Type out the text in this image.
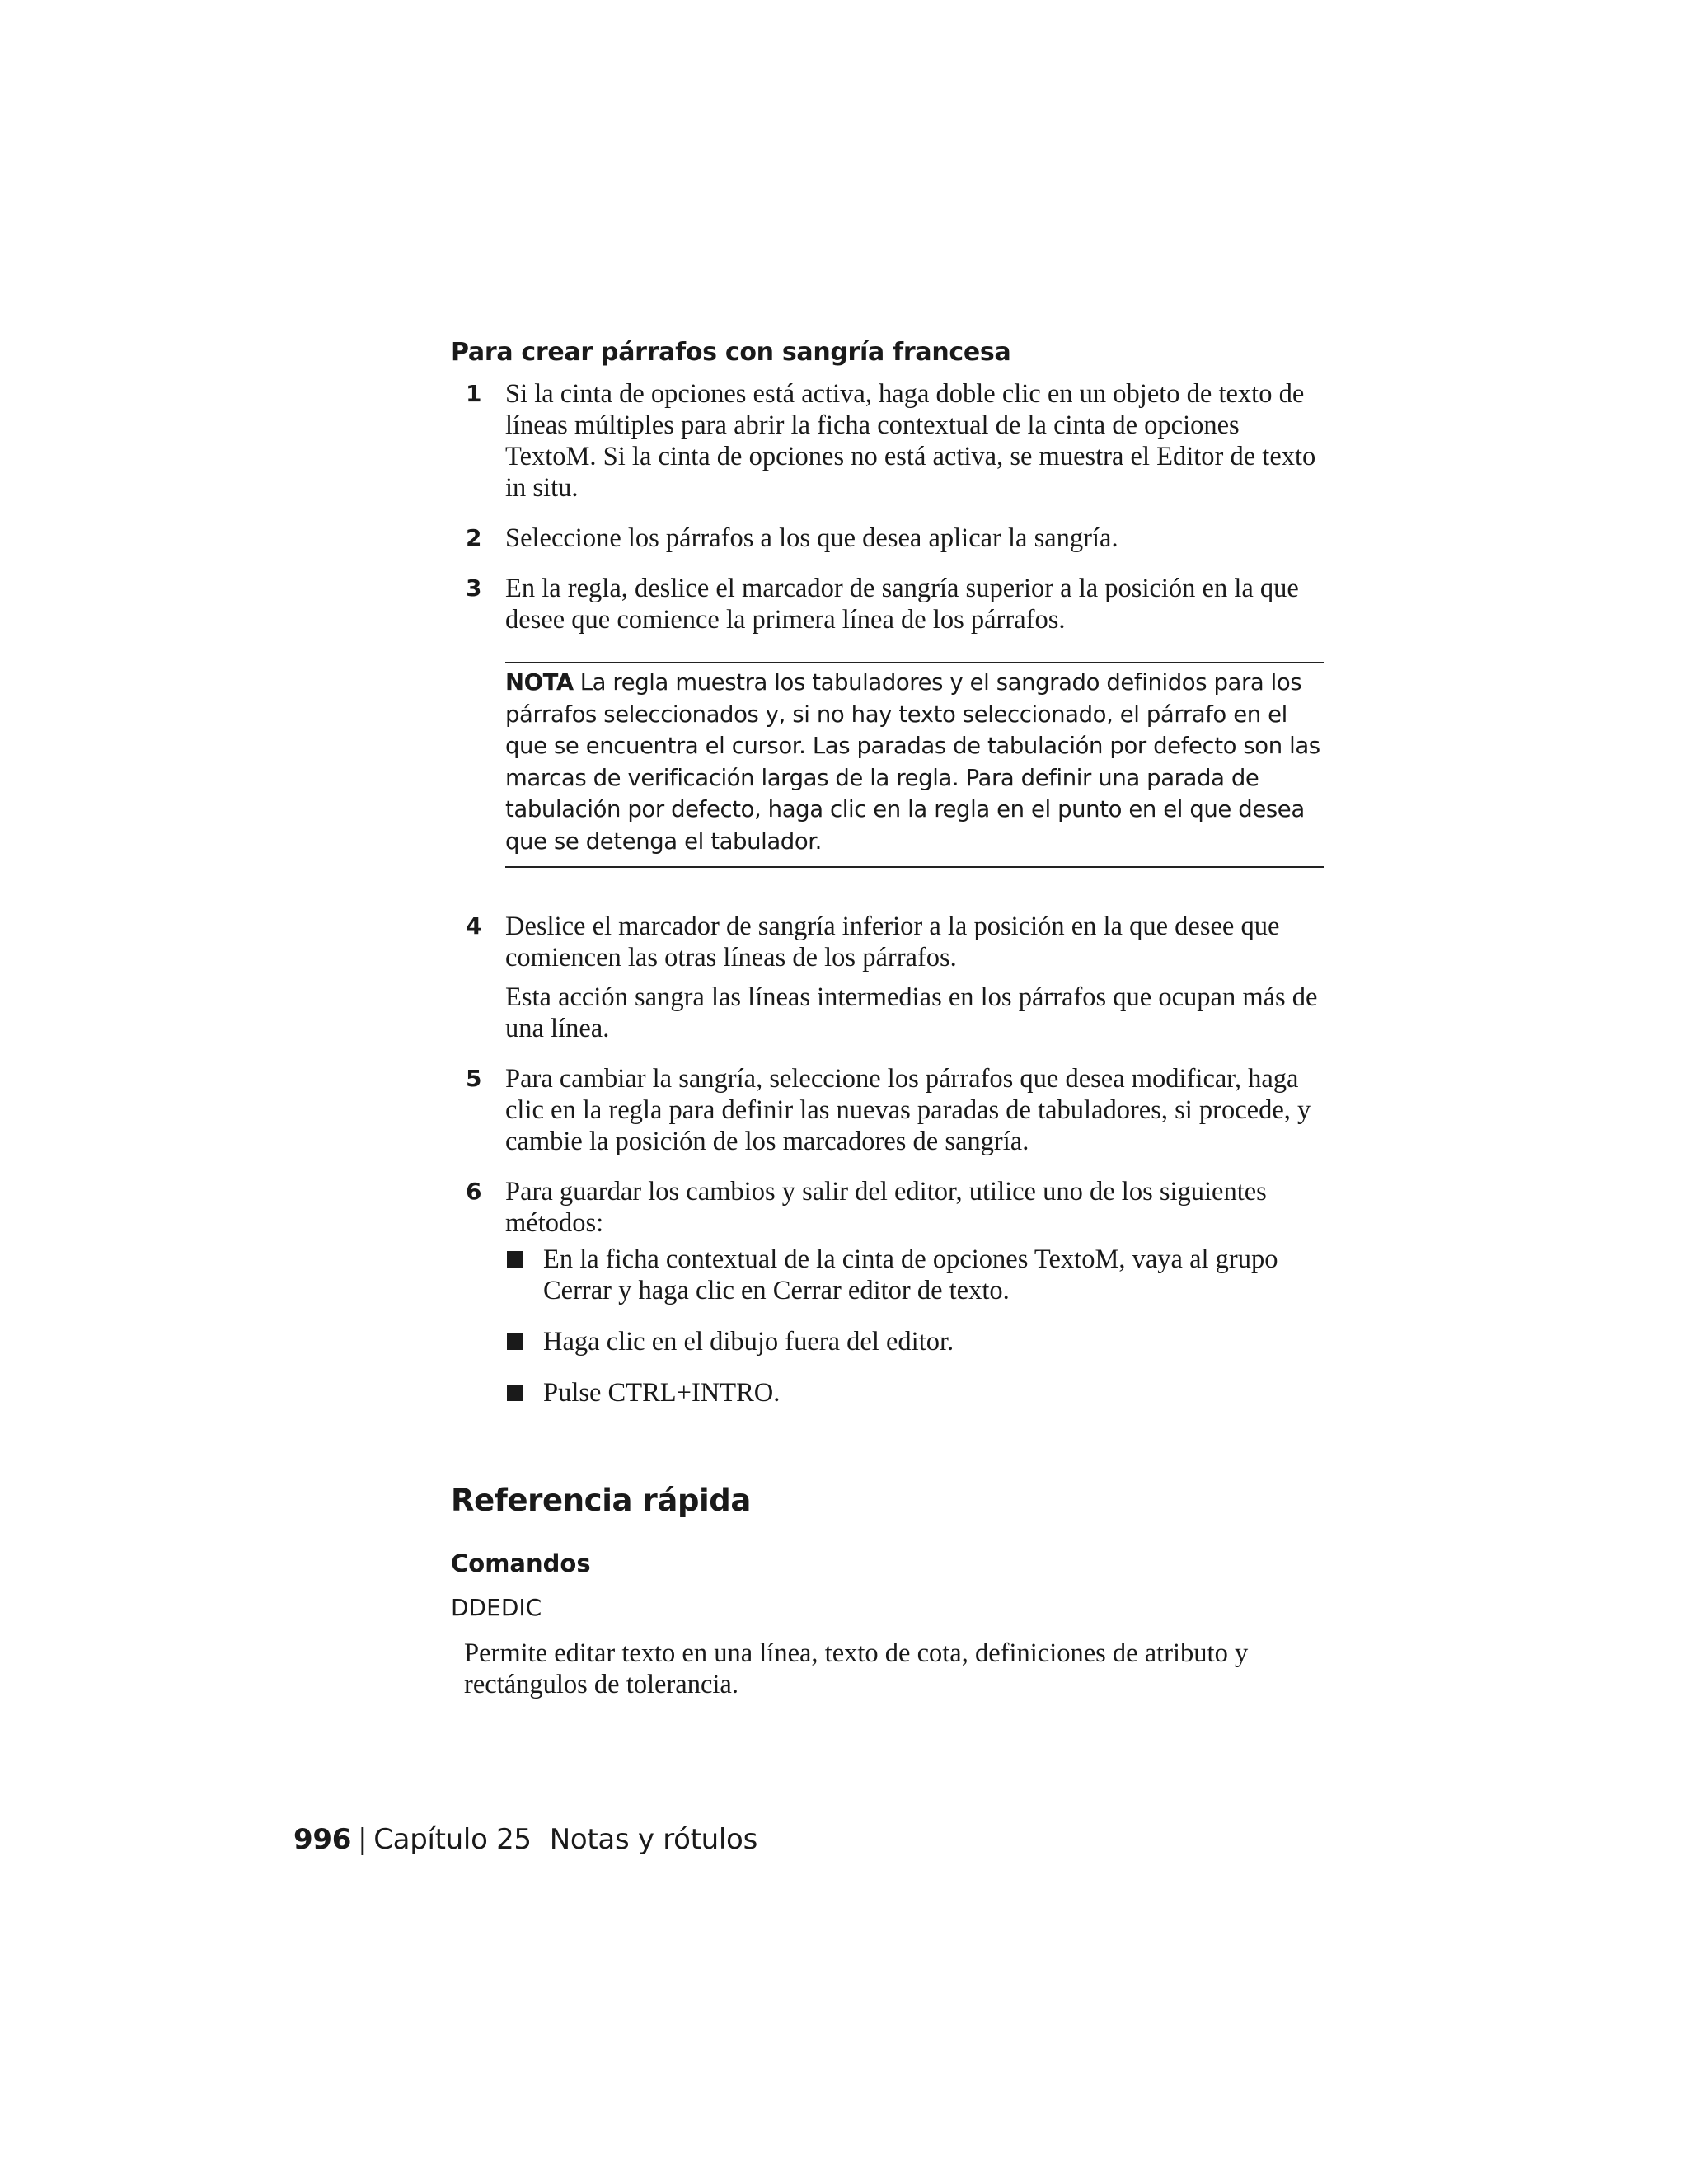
Para crear párrafos con sangría francesa
1 Si la cinta de opciones está activa, haga doble clic en un objeto de texto de líneas múltiples para abrir la ficha contextual de la cinta de opciones TextoM. Si la cinta de opciones no está activa, se muestra el Editor de texto in situ.
2 Seleccione los párrafos a los que desea aplicar la sangría.
3 En la regla, deslice el marcador de sangría superior a la posición en la que desee que comience la primera línea de los párrafos.
NOTA La regla muestra los tabuladores y el sangrado definidos para los párrafos seleccionados y, si no hay texto seleccionado, el párrafo en el que se encuentra el cursor. Las paradas de tabulación por defecto son las marcas de verificación largas de la regla. Para definir una parada de tabulación por defecto, haga clic en la regla en el punto en el que desea que se detenga el tabulador.
4 Deslice el marcador de sangría inferior a la posición en la que desee que comiencen las otras líneas de los párrafos.
Esta acción sangra las líneas intermedias en los párrafos que ocupan más de una línea.
5 Para cambiar la sangría, seleccione los párrafos que desea modificar, haga clic en la regla para definir las nuevas paradas de tabuladores, si procede, y cambie la posición de los marcadores de sangría.
6 Para guardar los cambios y salir del editor, utilice uno de los siguientes métodos:
En la ficha contextual de la cinta de opciones TextoM, vaya al grupo Cerrar y haga clic en Cerrar editor de texto.
Haga clic en el dibujo fuera del editor.
Pulse CTRL+INTRO.
Referencia rápida
Comandos
DDEDIC
Permite editar texto en una línea, texto de cota, definiciones de atributo y rectángulos de tolerancia.
996 | Capítulo 25 Notas y rótulos
